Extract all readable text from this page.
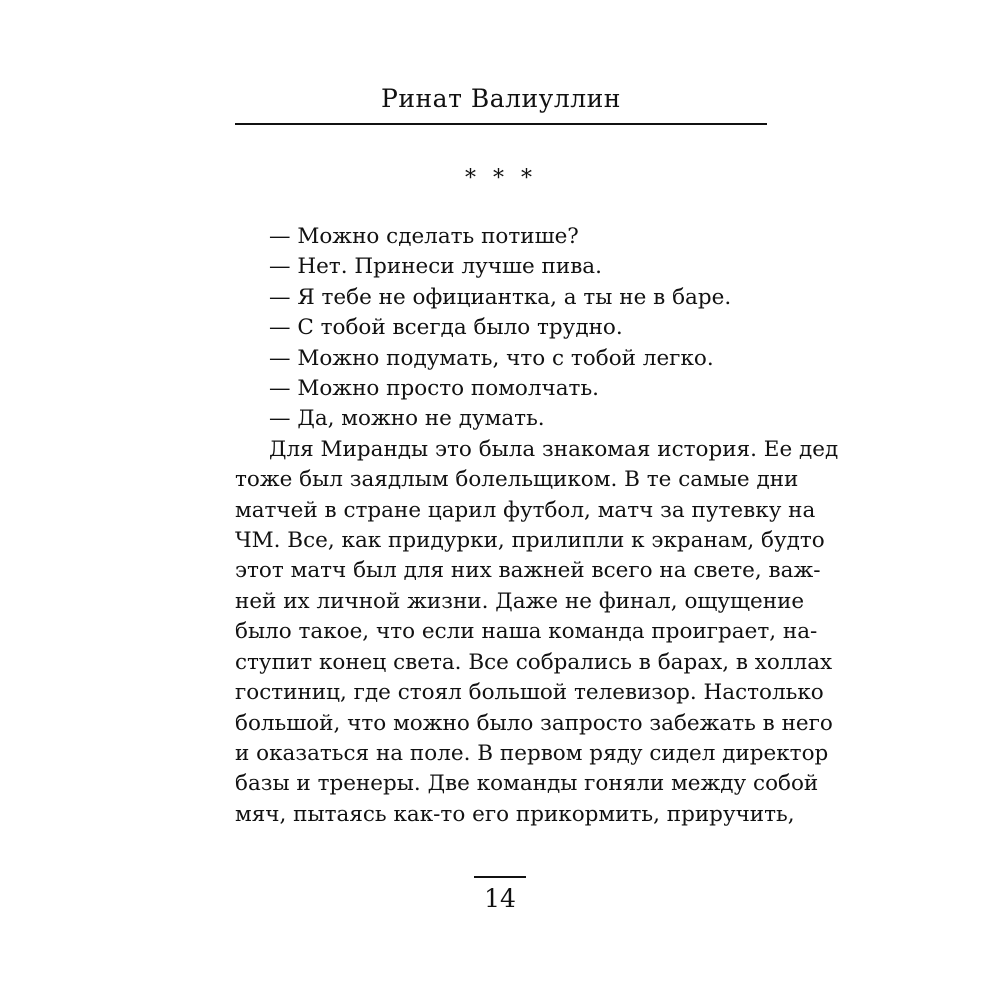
Ринат Валиуллин
* * *
— Можно сделать потише?
— Нет. Принеси лучше пива.
— Я тебе не официантка, а ты не в баре.
— С тобой всегда было трудно.
— Можно подумать, что с тобой легко.
— Можно просто помолчать.
— Да, можно не думать.
Для Миранды это была знакомая история. Ее дед
тоже был заядлым болельщиком. В те самые дни
матчей в стране царил футбол, матч за путевку на
ЧМ. Все, как придурки, прилипли к экранам, будто
этот матч был для них важней всего на свете, важ-
ней их личной жизни. Даже не финал, ощущение
было такое, что если наша команда проиграет, на-
ступит конец света. Все собрались в барах, в холлах
гостиниц, где стоял большой телевизор. Настолько
большой, что можно было запросто забежать в него
и оказаться на поле. В первом ряду сидел директор
базы и тренеры. Две команды гоняли между собой
мяч, пытаясь как-то его прикормить, приручить,
14
